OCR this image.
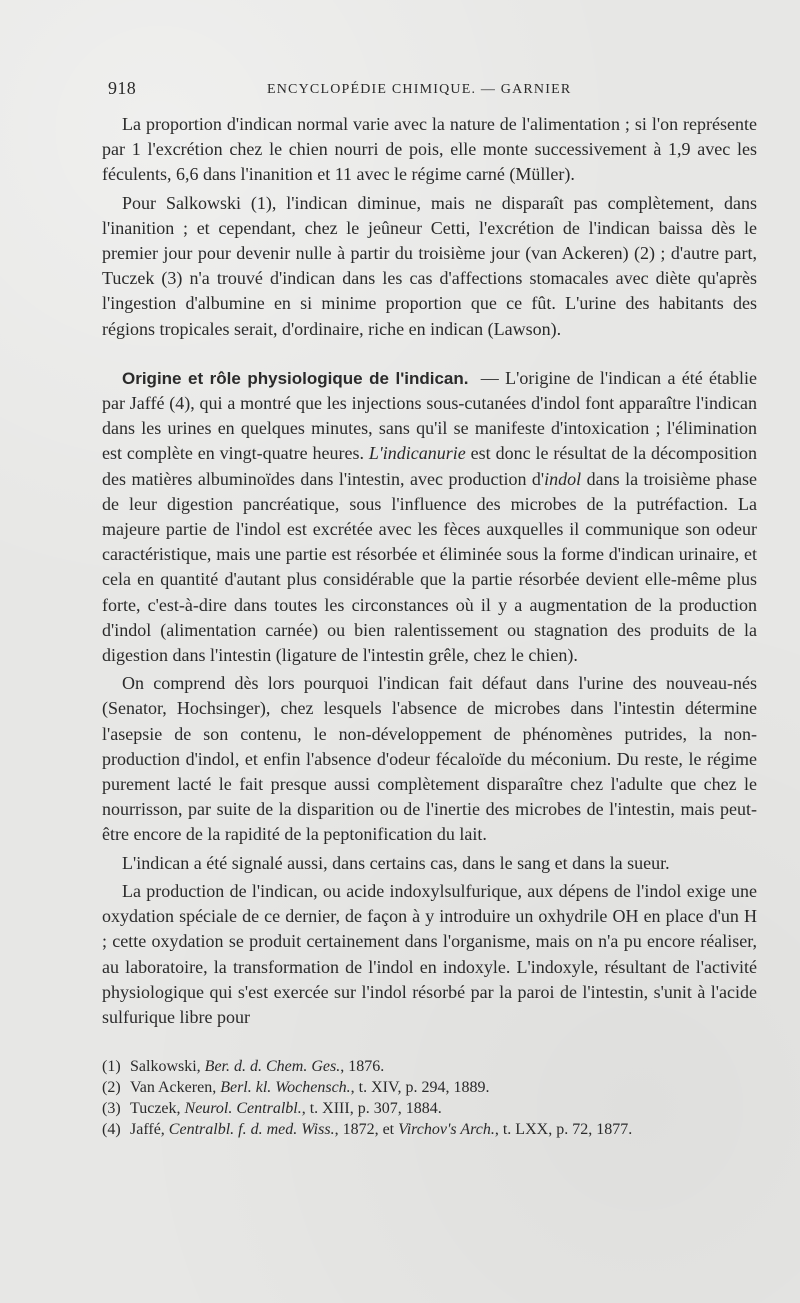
918	ENCYCLOPÉDIE CHIMIQUE. — GARNIER

La proportion d'indican normal varie avec la nature de l'alimentation ; si l'on représente par 1 l'excrétion chez le chien nourri de pois, elle monte successivement à 1,9 avec les féculents, 6,6 dans l'inanition et 11 avec le régime carné (Müller).

Pour Salkowski (1), l'indican diminue, mais ne disparaît pas complètement, dans l'inanition ; et cependant, chez le jeûneur Cetti, l'excrétion de l'indican baissa dès le premier jour pour devenir nulle à partir du troisième jour (van Ackeren) (2) ; d'autre part, Tuczek (3) n'a trouvé d'indican dans les cas d'affections stomacales avec diète qu'après l'ingestion d'albumine en si minime proportion que ce fût. L'urine des habitants des régions tropicales serait, d'ordinaire, riche en indican (Lawson).

Origine et rôle physiologique de l'indican. — L'origine de l'indican a été établie par Jaffé (4), qui a montré que les injections sous-cutanées d'indol font apparaître l'indican dans les urines en quelques minutes, sans qu'il se manifeste d'intoxication ; l'élimination est complète en vingt-quatre heures. L'indicanurie est donc le résultat de la décomposition des matières albuminoïdes dans l'intestin, avec production d'indol dans la troisième phase de leur digestion pancréatique, sous l'influence des microbes de la putréfaction. La majeure partie de l'indol est excrétée avec les fèces auxquelles il communique son odeur caractéristique, mais une partie est résorbée et éliminée sous la forme d'indican urinaire, et cela en quantité d'autant plus considérable que la partie résorbée devient elle-même plus forte, c'est-à-dire dans toutes les circonstances où il y a augmentation de la production d'indol (alimentation carnée) ou bien ralentissement ou stagnation des produits de la digestion dans l'intestin (ligature de l'intestin grêle, chez le chien).

On comprend dès lors pourquoi l'indican fait défaut dans l'urine des nouveau-nés (Senator, Hochsinger), chez lesquels l'absence de microbes dans l'intestin détermine l'asepsie de son contenu, le non-développement de phénomènes putrides, la non-production d'indol, et enfin l'absence d'odeur fécaloïde du méconium. Du reste, le régime purement lacté le fait presque aussi complètement disparaître chez l'adulte que chez le nourrisson, par suite de la disparition ou de l'inertie des microbes de l'intestin, mais peut-être encore de la rapidité de la peptonification du lait.

L'indican a été signalé aussi, dans certains cas, dans le sang et dans la sueur.

La production de l'indican, ou acide indoxylsulfurique, aux dépens de l'indol exige une oxydation spéciale de ce dernier, de façon à y introduire un oxhydrile OH en place d'un H ; cette oxydation se produit certainement dans l'organisme, mais on n'a pu encore réaliser, au laboratoire, la transformation de l'indol en indoxyle. L'indoxyle, résultant de l'activité physiologique qui s'est exercée sur l'indol résorbé par la paroi de l'intestin, s'unit à l'acide sulfurique libre pour

(1) Salkowski, Ber. d. d. Chem. Ges., 1876.

(2) Van Ackeren, Berl. kl. Wochensch., t. XIV, p. 294, 1889.

(3) Tuczek, Neurol. Centralbl., t. XIII, p. 307, 1884.

(4) Jaffé, Centralbl. f. d. med. Wiss., 1872, et Virchov's Arch., t. LXX, p. 72, 1877.
